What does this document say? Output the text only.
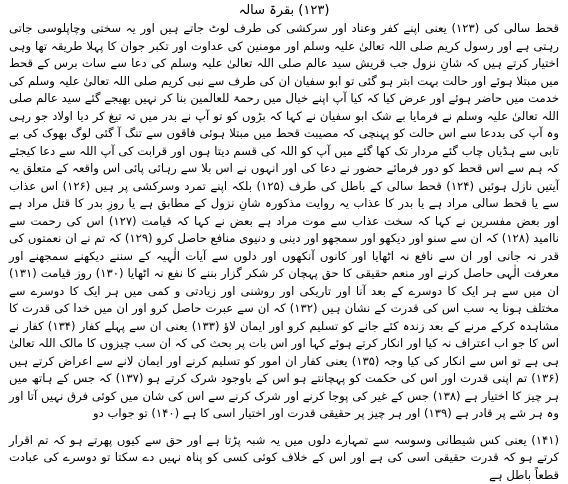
(۱۲۳) بقرۃ سالہ

قحط سالی کی (۱۲۳) یعنی اپنے کفر وعناد اور سرکشی کی طرف لوٹ جاتے ہیں اور یہ سختی وچاپلوسی جاتی رہتی ہے اور رسول کریم صلی اللہ تعالیٰ علیہ وسلم اور مومنین کی عداوت اور تکبر جوان کا پہلا طریقہ تھا وہی اختیار کرتے ہیں کہ شانِ نزول جب قریش سید عالم صلی اللہ تعالیٰ علیہ وسلم کی دعا سے سات برس کے قحط میں مبتلا ہوئے اور حالت بہت ابتر ہو گئی تو ابو سفیان ان کی طرف سے نبی کریم صلی اللہ تعالیٰ علیہ وسلم کی خدمت میں حاضر ہوئے اور عرض کیا کہ کیا آپ اپنے خیال میں رحمۃ للعالمین بنا کر نہیں بھیجے گئے سید عالم صلی اللہ تعالیٰ علیہ وسلم نے فرمایا بے شک ابو سفیان نے کہا کہ بڑوں کو تو آپ نے بدر میں تہ تیغ کر دیا اولاد جو رہی وہ آپ کی بددعا سے اس حالت کو پہنچی کہ مصیبت قحط میں مبتلا ہوئی فاقوں سے تنگ آ گئی لوگ بھوک کی بے تابی سے ہڈیاں چاب گئے مردار تک کھا گئے میں آپ کو اللہ کی قسم دیتا ہوں اور قرابت کی آپ اللہ سے دعا کیجئے کہ ہم سے اس قحط کو دور فرمائے حضور نے دعا کی اور انہوں نے اس بلا سے رہائی پائی اس واقعہ کے متعلق یہ آیتیں نازل ہوئیں (۱۲۴) قحط سالی کے باطل کی طرف (۱۲۵) بلکہ اپنے تمرد وسرکشی پر ہیں (۱۲۶) اس عذاب سے یا قحط سالی مراد ہے یا بدر کا عذاب یہ روایت مذکورہ شانِ نزول کے مطابق ہے یا روزِ بدر کا قتل مراد ہے اور بعض مفسرین نے کہا کہ سخت عذاب سے موت مراد ہے بعض نے کہا کہ قیامت (۱۲۷) اس کی رحمت سے ناامید (۱۲۸) کہ ان سے سنو اور دیکھو اور سمجھو اور دینی و دنیوی منافع حاصل کرو (۱۲۹) کہ تم نے ان نعمتوں کی قدر نہ جانی اور ان سے نافع نہ اٹھایا اور کانوں آنکھوں اور دلوں سے آیات الٰہیہ کے سننے دیکھنے سمجھنے اور معرفت الٰہی حاصل کرنے اور منعم حقیقی کا حق پہچان کر شکر گزار بننے کا نفع نہ اٹھایا (۱۳۰) روز قیامت (۱۳۱) ان میں سے ہر ایک کا دوسرے کے بعد آنا اور تاریکی اور روشنی اور زیادتی و کمی میں ہر ایک کا دوسرے سے مختلف ہونا یہ سب اس کی قدرت کے نشان ہیں (۱۳۲) کہ ان سے عبرت حاصل کرو اور ان میں خدا کی قدرت کا مشاہدہ کرکے مرنے کے بعد زندہ کئے جانے کو تسلیم کرو اور ایمان لاؤ (۱۳۳) یعنی ان سے پہلے کفار (۱۳۴) کفار نے اس کا جو اب اعتراف نہ کیا اور انکار کرتے ہوئے کہا اور اس بات پر بحث کی کہ ان سب چیزوں کا مالک اللہ تعالیٰ ہی ہے تو اس سے انکار کی کیا وجہ (۱۳۵) یعنی کفار ان امور کو تسلیم کرنے اور ایمان لانے سے اعراض کرتے ہیں (۱۳۶) تم اپنی قدرت اور اس کی حکمت کو پہچانتے ہو اس کے باوجود شرک کرتے ہو (۱۳۷) کہ جس کے ہاتھ میں ہر چیز کا اختیار ہے (۱۳۸) جس کے غیر کی پوجا کرنے اور شرک کرنے سے اس کی شان میں کوئی فرق نہیں آتا اور وہ ہر شے پر قادر ہے (۱۳۹) اور ہر چیز پر حقیقی قدرت اور اختیار اسی کا ہے (۱۴۰) تو جواب دو

(۱۴۱) یعنی کس شیطانی وسوسہ سے تمہارے دلوں میں یہ شبہ پڑتا ہے اور حق سے کیوں پھرتے ہو کہ تم اقرار کرتے ہو کہ قدرت حقیقی اسی کی ہے اور اس کے خلاف کوئی کسی کو پناہ نہیں دے سکتا تو دوسرے کی عبادت قطعاً باطل ہے
